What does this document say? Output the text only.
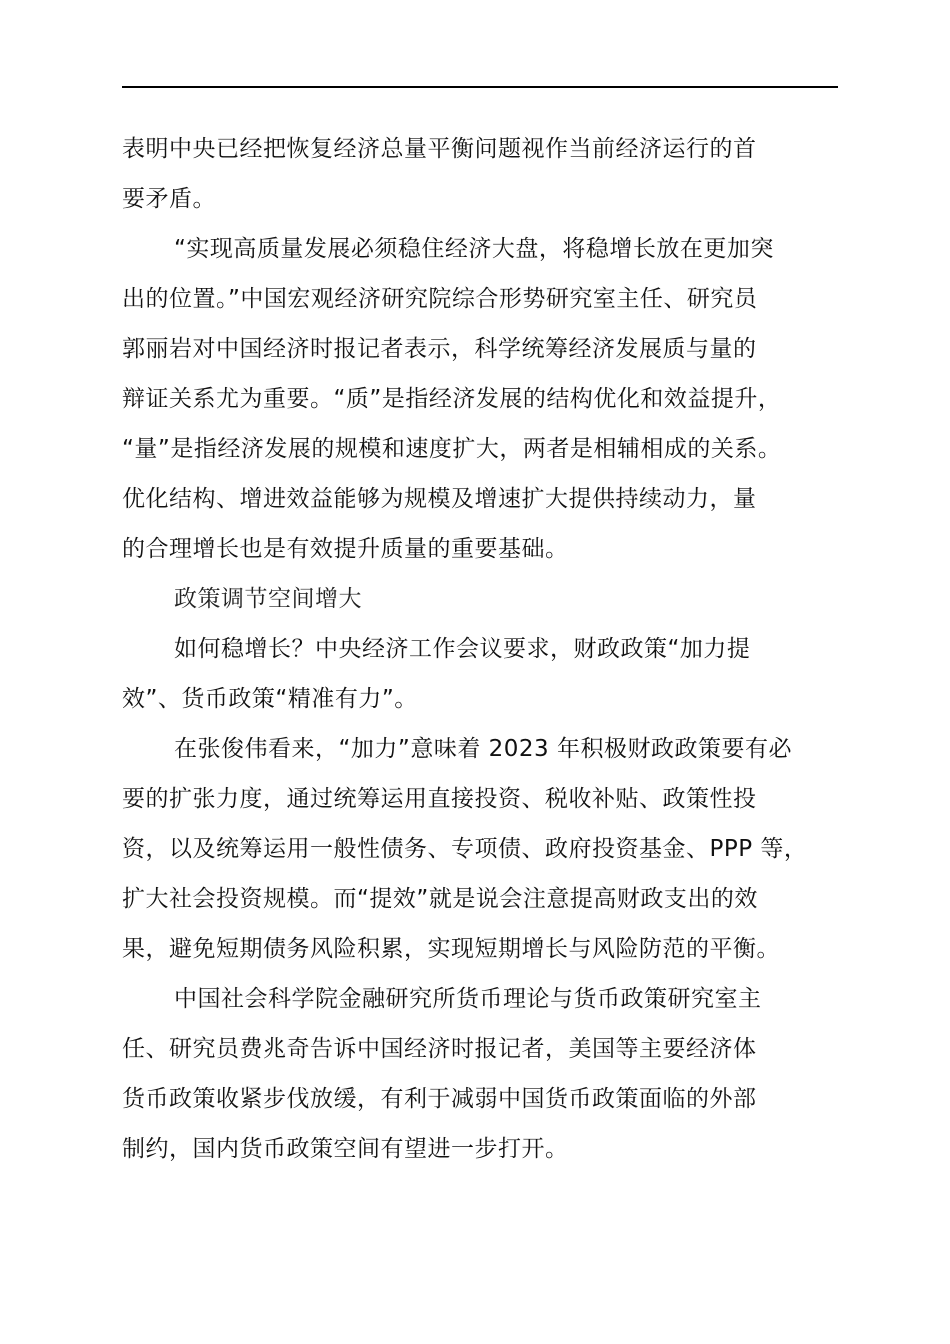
表明中央已经把恢复经济总量平衡问题视作当前经济运行的首
要矛盾。
“实现高质量发展必须稳住经济大盘，将稳增长放在更加突
出的位置。”中国宏观经济研究院综合形势研究室主任、研究员
郭丽岩对中国经济时报记者表示，科学统筹经济发展质与量的
辩证关系尤为重要。“质”是指经济发展的结构优化和效益提升，
“量”是指经济发展的规模和速度扩大，两者是相辅相成的关系。
优化结构、增进效益能够为规模及增速扩大提供持续动力，量
的合理增长也是有效提升质量的重要基础。
政策调节空间增大
如何稳增长？中央经济工作会议要求，财政政策“加力提
效”、货币政策“精准有力”。
在张俊伟看来，“加力”意味着 2023 年积极财政政策要有必
要的扩张力度，通过统筹运用直接投资、税收补贴、政策性投
资，以及统筹运用一般性债务、专项债、政府投资基金、PPP 等，
扩大社会投资规模。而“提效”就是说会注意提高财政支出的效
果，避免短期债务风险积累，实现短期增长与风险防范的平衡。
中国社会科学院金融研究所货币理论与货币政策研究室主
任、研究员费兆奇告诉中国经济时报记者，美国等主要经济体
货币政策收紧步伐放缓，有利于减弱中国货币政策面临的外部
制约，国内货币政策空间有望进一步打开。
